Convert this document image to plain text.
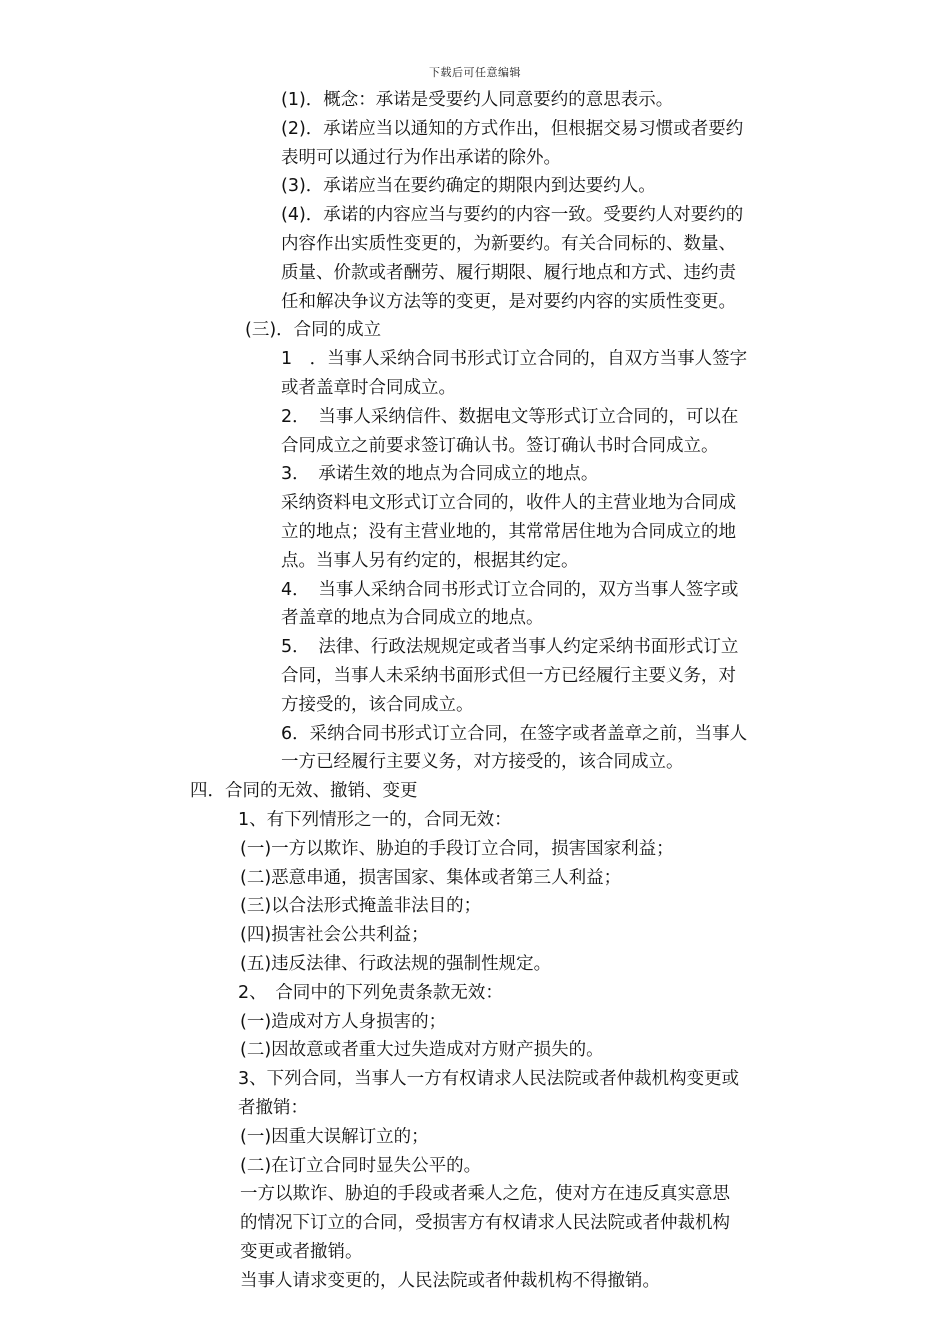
下载后可任意编辑
(1)．概念：承诺是受要约人同意要约的意思表示。
(2)．承诺应当以通知的方式作出，但根据交易习惯或者要约
表明可以通过行为作出承诺的除外。
(3)．承诺应当在要约确定的期限内到达要约人。
(4)．承诺的内容应当与要约的内容一致。受要约人对要约的
内容作出实质性变更的，为新要约。有关合同标的、数量、
质量、价款或者酬劳、履行期限、履行地点和方式、违约责
任和解决争议方法等的变更，是对要约内容的实质性变更。
(三)．合同的成立
1　．当事人采纳合同书形式订立合同的，自双方当事人签字
或者盖章时合同成立。
2．　当事人采纳信件、数据电文等形式订立合同的，可以在
合同成立之前要求签订确认书。签订确认书时合同成立。
3．　承诺生效的地点为合同成立的地点。
采纳资料电文形式订立合同的，收件人的主营业地为合同成
立的地点；没有主营业地的，其常常居住地为合同成立的地
点。当事人另有约定的，根据其约定。
4．　当事人采纳合同书形式订立合同的，双方当事人签字或
者盖章的地点为合同成立的地点。
5．　法律、行政法规规定或者当事人约定采纳书面形式订立
合同，当事人未采纳书面形式但一方已经履行主要义务，对
方接受的，该合同成立。
6．采纳合同书形式订立合同，在签字或者盖章之前，当事人
一方已经履行主要义务，对方接受的，该合同成立。
四．合同的无效、撤销、变更
1、有下列情形之一的，合同无效：
(一)一方以欺诈、胁迫的手段订立合同，损害国家利益；
(二)恶意串通，损害国家、集体或者第三人利益；
(三)以合法形式掩盖非法目的；
(四)损害社会公共利益；
(五)违反法律、行政法规的强制性规定。
2、　合同中的下列免责条款无效：
(一)造成对方人身损害的；
(二)因故意或者重大过失造成对方财产损失的。
3、下列合同，当事人一方有权请求人民法院或者仲裁机构变更或
者撤销：
(一)因重大误解订立的；
(二)在订立合同时显失公平的。
一方以欺诈、胁迫的手段或者乘人之危，使对方在违反真实意思
的情况下订立的合同，受损害方有权请求人民法院或者仲裁机构
变更或者撤销。
当事人请求变更的，人民法院或者仲裁机构不得撤销。
